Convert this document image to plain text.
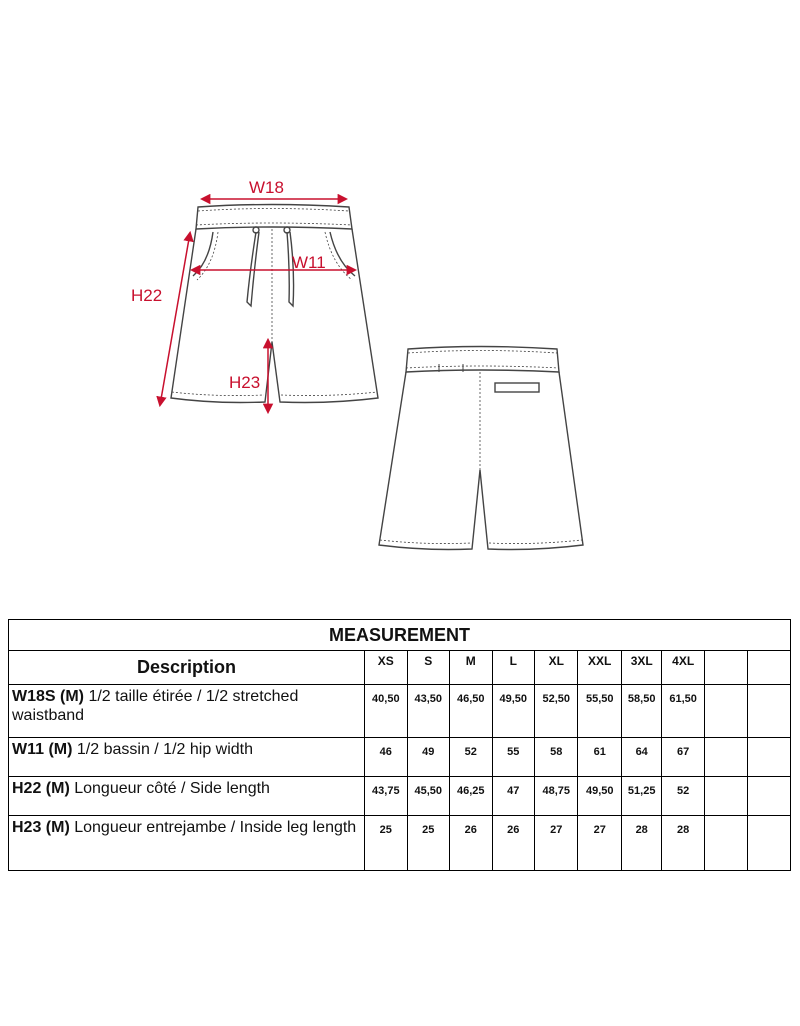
W18
W11
H22
H23
MEASUREMENT										
Description	XS	S	M	L	XL	XXL	3XL	4XL		
W18S (M) 1/2 taille étirée / 1/2 stretched waistband	40,50	43,50	46,50	49,50	52,50	55,50	58,50	61,50		
W11 (M) 1/2 bassin / 1/2 hip width	46	49	52	55	58	61	64	67		
H22 (M) Longueur côté / Side length	43,75	45,50	46,25	47	48,75	49,50	51,25	52		
H23 (M) Longueur entrejambe / Inside leg length	25	25	26	26	27	27	28	28		
